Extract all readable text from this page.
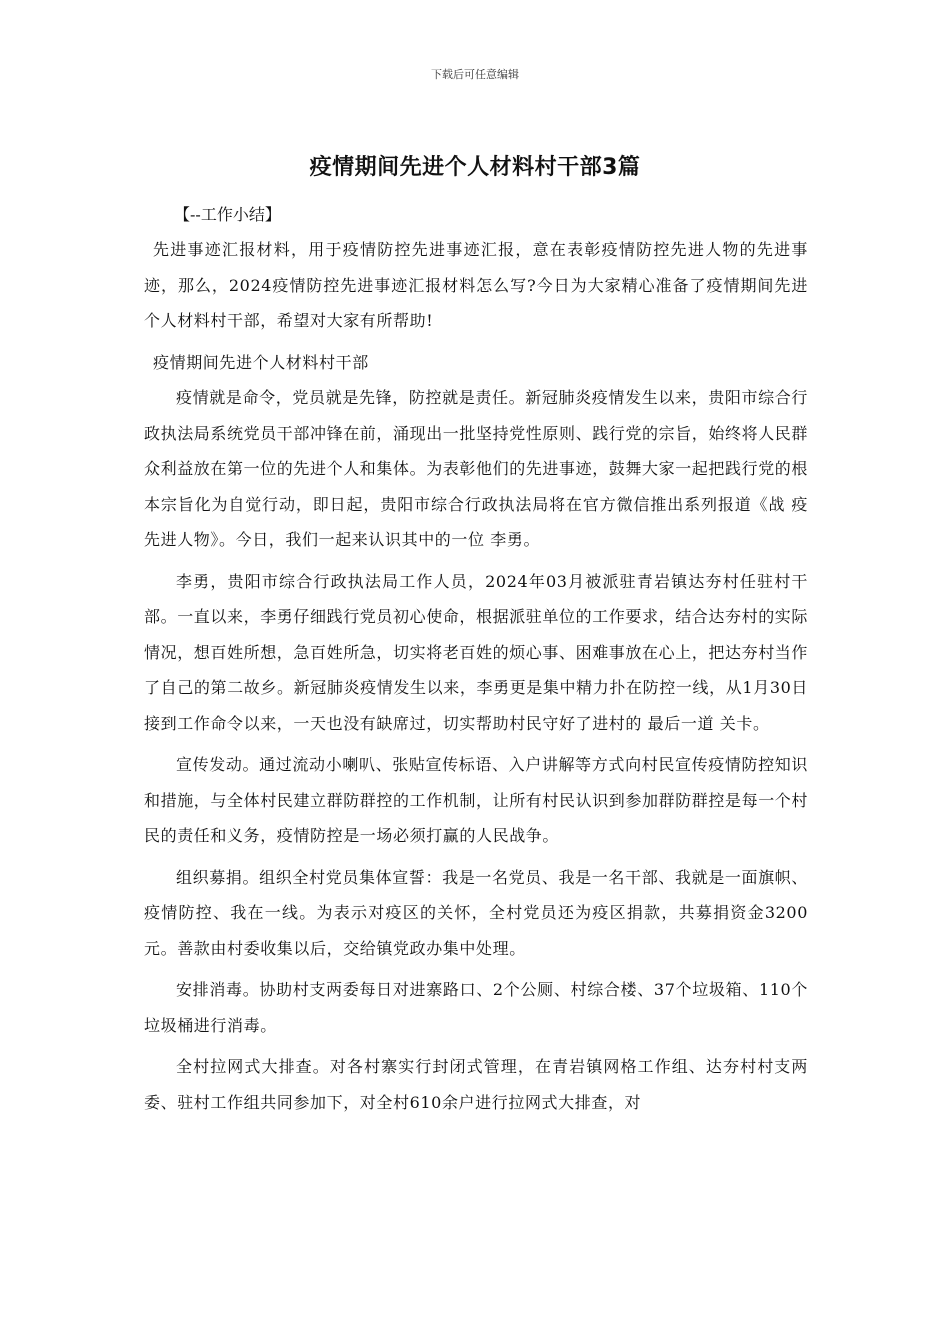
下载后可任意编辑
疫情期间先进个人材料村干部3篇

【--工作小结】

先进事迹汇报材料，用于疫情防控先进事迹汇报，意在表彰疫情防控先进人物的先进事迹，那么，2024疫情防控先进事迹汇报材料怎么写?今日为大家精心准备了疫情期间先进个人材料村干部，希望对大家有所帮助!

疫情期间先进个人材料村干部

疫情就是命令，党员就是先锋，防控就是责任。新冠肺炎疫情发生以来，贵阳市综合行政执法局系统党员干部冲锋在前，涌现出一批坚持党性原则、践行党的宗旨，始终将人民群众利益放在第一位的先进个人和集体。为表彰他们的先进事迹，鼓舞大家一起把践行党的根本宗旨化为自觉行动，即日起，贵阳市综合行政执法局将在官方微信推出系列报道《战 疫 先进人物》。今日，我们一起来认识其中的一位 李勇。

李勇，贵阳市综合行政执法局工作人员，2024年03月被派驻青岩镇达夯村任驻村干部。一直以来，李勇仔细践行党员初心使命，根据派驻单位的工作要求，结合达夯村的实际情况，想百姓所想，急百姓所急，切实将老百姓的烦心事、困难事放在心上，把达夯村当作了自己的第二故乡。新冠肺炎疫情发生以来，李勇更是集中精力扑在防控一线，从1月30日接到工作命令以来，一天也没有缺席过，切实帮助村民守好了进村的 最后一道 关卡。

宣传发动。通过流动小喇叭、张贴宣传标语、入户讲解等方式向村民宣传疫情防控知识和措施，与全体村民建立群防群控的工作机制，让所有村民认识到参加群防群控是每一个村民的责任和义务，疫情防控是一场必须打赢的人民战争。

组织募捐。组织全村党员集体宣誓：我是一名党员、我是一名干部、我就是一面旗帜、疫情防控、我在一线。为表示对疫区的关怀，全村党员还为疫区捐款，共募捐资金3200元。善款由村委收集以后，交给镇党政办集中处理。

安排消毒。协助村支两委每日对进寨路口、2个公厕、村综合楼、37个垃圾箱、110个垃圾桶进行消毒。

全村拉网式大排查。对各村寨实行封闭式管理，在青岩镇网格工作组、达夯村村支两委、驻村工作组共同参加下，对全村610余户进行拉网式大排查，对
